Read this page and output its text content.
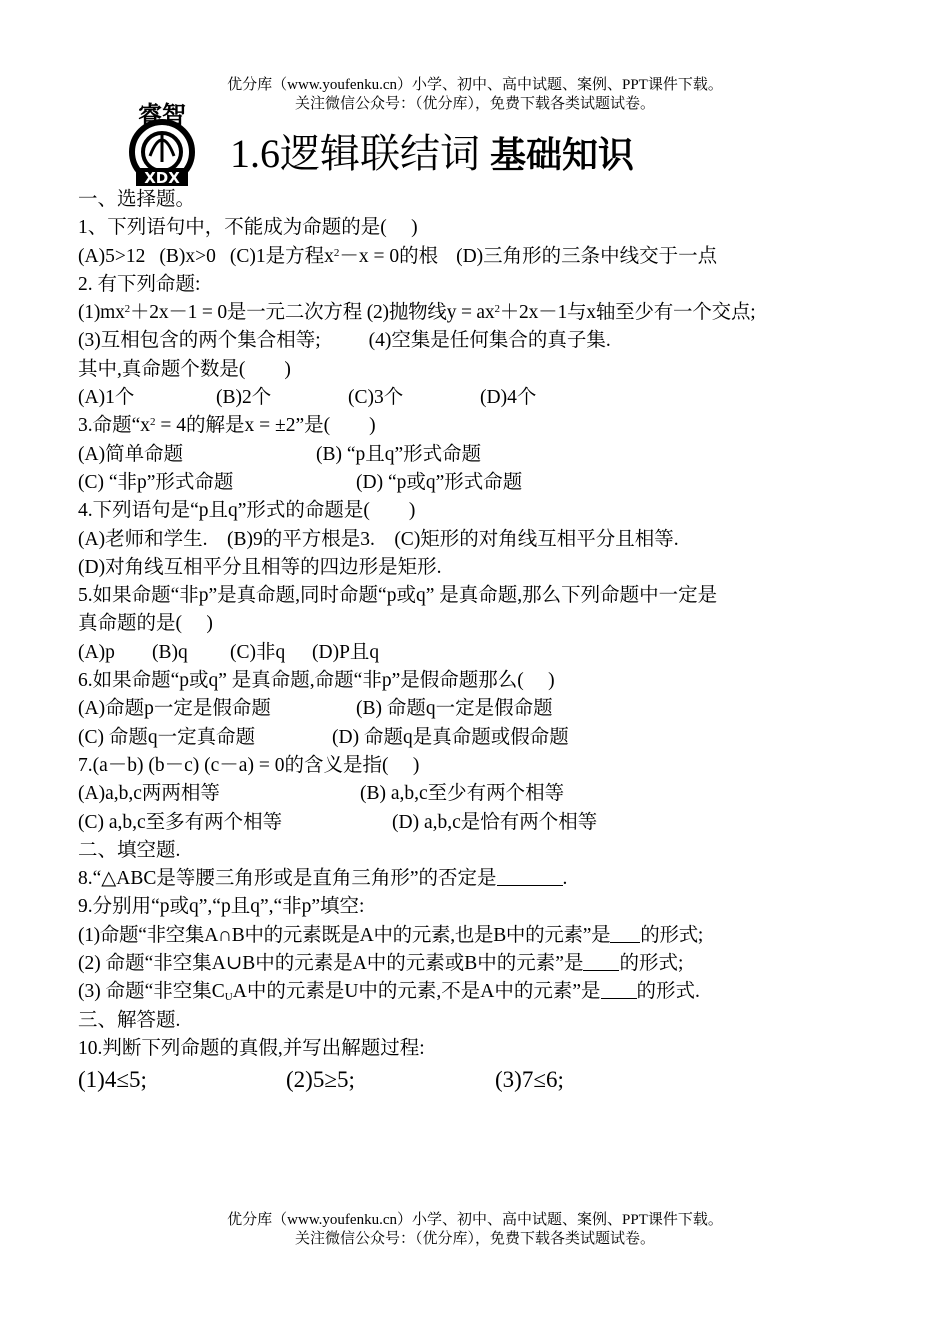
优分库（www.youfenku.cn）小学、初中、高中试题、案例、PPT课件下载。
关注微信公众号：（优分库），免费下载各类试题试卷。
睿智
XDX
1.6逻辑联结词 基础知识
一、选择题。
1、下列语句中，不能成为命题的是(　 )
(A)5>12 (B)x>0 (C)1是方程$x^2-x = 0$的根 (D)三角形的三条中线交于一点
2. 有下列命题:
$(1)mx^2+2x-1 = 0$是一元二次方程 (2)抛物线$y = ax^2+2x-1$与x轴至少有一个交点;
(3)互相包含的两个集合相等; (4)空集是任何集合的真子集.
其中,真命题个数是(　　)
(A)1个	(B)2个	(C)3个	(D)4个
3.命题“$x^2 = 4$的解是x = ±2”是(　　)
(A)简单命题	(B) “p且q”形式命题
(C) “非p”形式命题	(D) “p或q”形式命题
4.下列语句是“p且q”形式的命题是(　　)
(A)老师和学生.　(B)9的平方根是3.　(C)矩形的对角线互相平分且相等.
(D)对角线互相平分且相等的四边形是矩形.
5.如果命题“非p”是真命题,同时命题“p或q” 是真命题,那么下列命题中一定是
真命题的是(　 )
(A)p (B)q (C)非q (D)P且q
6.如果命题“p或q” 是真命题,命题“非p”是假命题那么(　 )
(A)命题p一定是假命题	(B) 命题q一定是假命题
(C) 命题q一定真命题	(D) 命题q是真命题或假命题
7.(a－b) (b－c) (c－a) = 0的含义是指(　 )
(A)a,b,c两两相等	(B) a,b,c至少有两个相等
(C) a,b,c至多有两个相等	(D) a,b,c是恰有两个相等
二、填空题.
8.“△ABC是等腰三角形或是直角三角形”的否定是	.
9.分别用“p或q”,“p且q”,“非p”填空:
(1)命题“非空集A∩B中的元素既是A中的元素,也是B中的元素”是 的形式;
(2) 命题“非空集A∪B中的元素是A中的元素或B中的元素”是 的形式;
(3) 命题“非空集$C_UA$中的元素是U中的元素,不是A中的元素”是 的形式.
三、解答题.
10.判断下列命题的真假,并写出解题过程:
(1)4≤5;	(2)5≥5;	(3)7≤6;
优分库（www.youfenku.cn）小学、初中、高中试题、案例、PPT课件下载。
关注微信公众号：（优分库），免费下载各类试题试卷。
